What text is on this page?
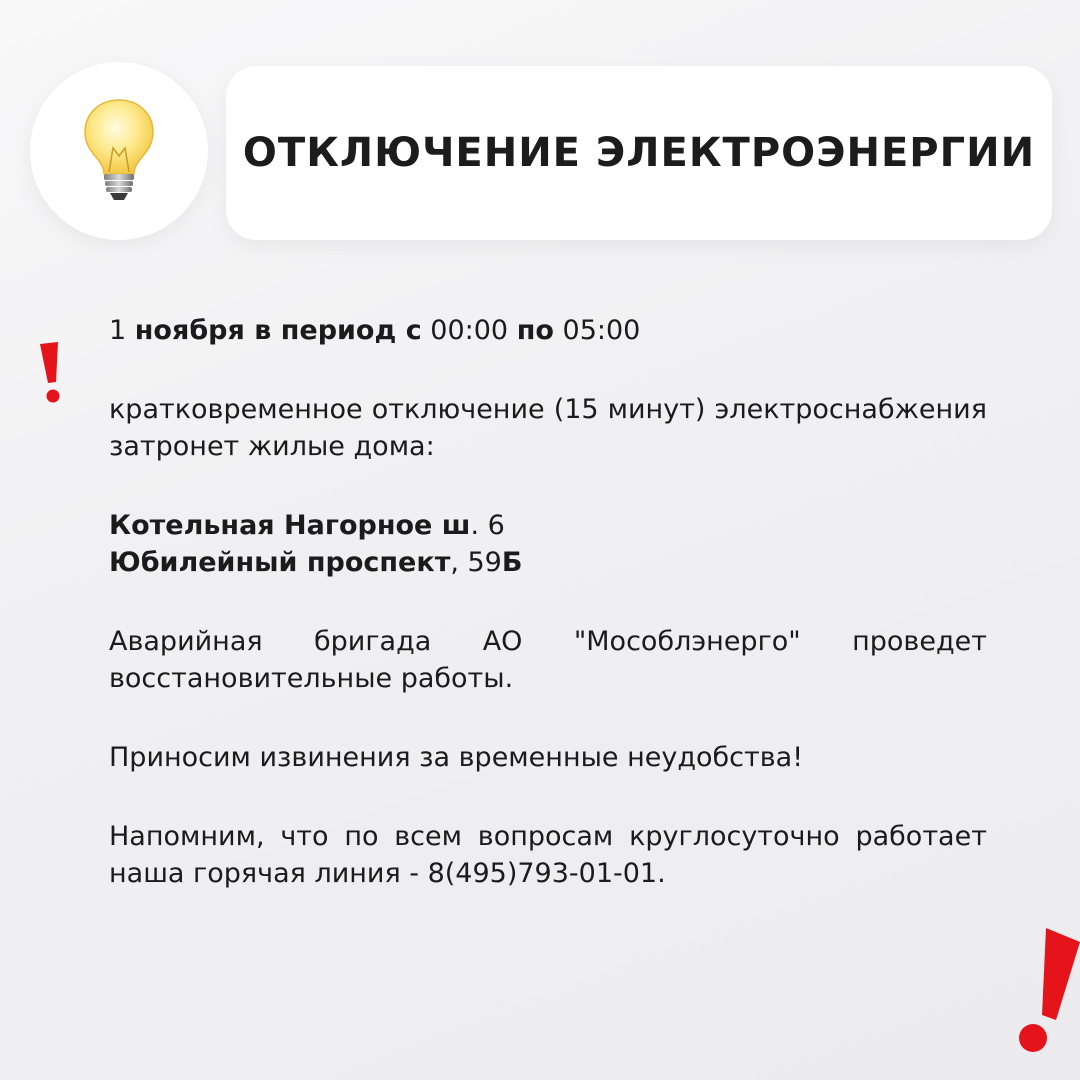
ОТКЛЮЧЕНИЕ ЭЛЕКТРОЭНЕРГИИ
1 ноября в период с 00:00 по 05:00
кратковременное отключение (15 минут) электроснабжения
затронет жилые дома:
Котельная Нагорное ш. 6
Юбилейный проспект, 59Б
Аварийная бригада АО "Мособлэнерго" проведет
восстановительные работы.
Приносим извинения за временные неудобства!
Напомним, что по всем вопросам круглосуточно работает
наша горячая линия - 8(495)793-01-01.
